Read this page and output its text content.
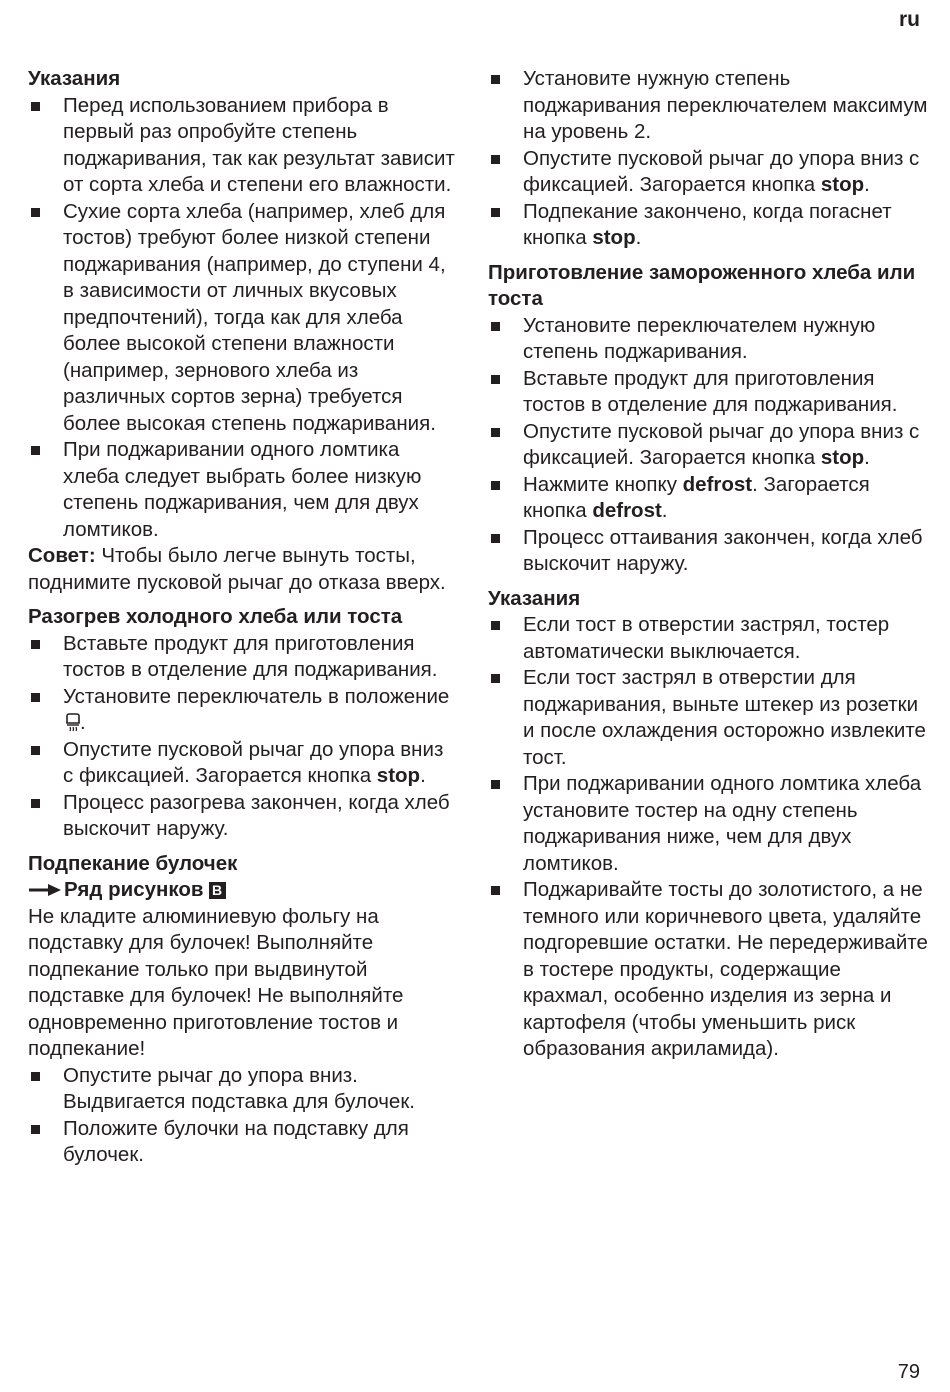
ru
Указания
Перед использованием прибора в первый раз опробуйте степень поджаривания, так как результат зависит от сорта хлеба и степени его влажности.
Сухие сорта хлеба (например, хлеб для тостов) требуют более низкой степени поджаривания (например, до ступени 4, в зависимости от личных вкусовых предпочтений), тогда как для хлеба более высокой степени влажности (например, зернового хлеба из различных сортов зерна) требуется более высокая степень поджаривания.
При поджаривании одного ломтика хлеба следует выбрать более низкую степень поджаривания, чем для двух ломтиков.

Совет: Чтобы было легче вынуть тосты, поднимите пусковой рычаг до отказа вверх.

Разогрев холодного хлеба или тоста
Вставьте продукт для приготовления тостов в отделение для поджаривания.
Установите переключатель в положение.
Опустите пусковой рычаг до упора вниз с фиксацией. Загорается кнопка stop.
Процесс разогрева закончен, когда хлеб выскочит наружу.
Подпекание булочек
Ряд рисунков B

Не кладите алюминиевую фольгу на подставку для булочек! Выполняйте подпекание только при выдвинутой подставке для булочек! Не выполняйте одновременно приготовление тостов и подпекание!

Опустите рычаг до упора вниз. Выдвигается подставка для булочек.
Положите булочки на подставку для булочек.
Установите нужную степень поджаривания переключателем максимум на уровень 2.
Опустите пусковой рычаг до упора вниз с фиксацией. Загорается кнопка stop.
Подпекание закончено, когда погаснет кнопка stop.
Приготовление замороженного хлеба или тоста
Установите переключателем нужную степень поджаривания.
Вставьте продукт для приготовления тостов в отделение для поджаривания.
Опустите пусковой рычаг до упора вниз с фиксацией. Загорается кнопка stop.
Нажмите кнопку defrost. Загорается кнопка defrost.
Процесс оттаивания закончен, когда хлеб выскочит наружу.
Указания
Если тост в отверстии застрял, тостер автоматически выключается.
Если тост застрял в отверстии для поджаривания, выньте штекер из розетки и после охлаждения осторожно извлеките тост.
При поджаривании одного ломтика хлеба установите тостер на одну степень поджаривания ниже, чем для двух ломтиков.
Поджаривайте тосты до золотистого, а не темного или коричневого цвета, удаляйте подгоревшие остатки. Не передерживайте в тостере продукты, содержащие крахмал, особенно изделия из зерна и картофеля (чтобы уменьшить риск образования акриламида).
79
